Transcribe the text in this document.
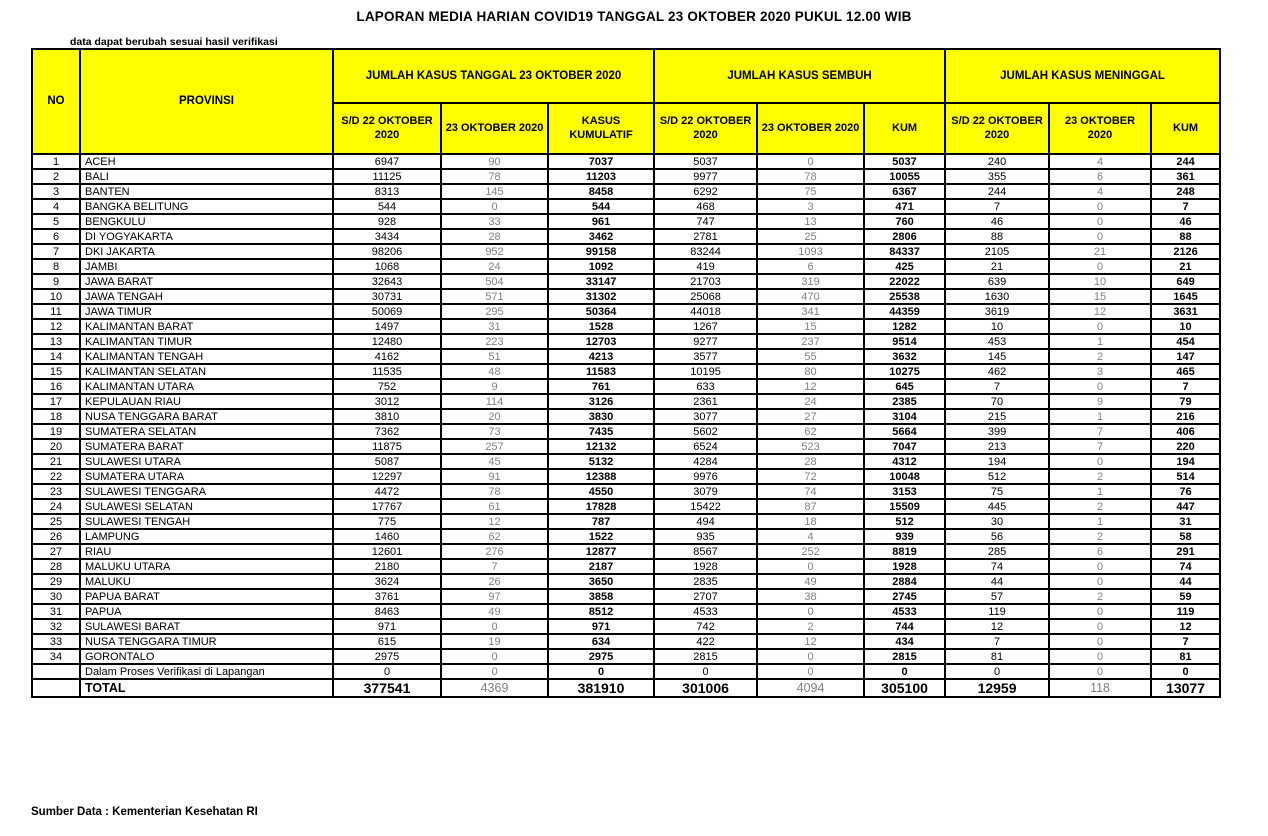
LAPORAN MEDIA HARIAN COVID19 TANGGAL 23 OKTOBER 2020 PUKUL 12.00 WIB
data dapat berubah sesuai hasil verifikasi
NO	PROVINSI	JUMLAH KASUS TANGGAL 23 OKTOBER 2020			JUMLAH KASUS SEMBUH			JUMLAH KASUS MENINGGAL		
		S/D 22 OKTOBER 2020	23 OKTOBER 2020	KASUS KUMULATIF	S/D 22 OKTOBER 2020	23 OKTOBER 2020	KUM	S/D 22 OKTOBER 2020	23 OKTOBER 2020	KUM
1	ACEH	6947	90	7037	5037	0	5037	240	4	244
2	BALI	11125	78	11203	9977	78	10055	355	6	361
3	BANTEN	8313	145	8458	6292	75	6367	244	4	248
4	BANGKA BELITUNG	544	0	544	468	3	471	7	0	7
5	BENGKULU	928	33	961	747	13	760	46	0	46
6	DI YOGYAKARTA	3434	28	3462	2781	25	2806	88	0	88
7	DKI JAKARTA	98206	952	99158	83244	1093	84337	2105	21	2126
8	JAMBI	1068	24	1092	419	6	425	21	0	21
9	JAWA BARAT	32643	504	33147	21703	319	22022	639	10	649
10	JAWA TENGAH	30731	571	31302	25068	470	25538	1630	15	1645
11	JAWA TIMUR	50069	295	50364	44018	341	44359	3619	12	3631
12	KALIMANTAN BARAT	1497	31	1528	1267	15	1282	10	0	10
13	KALIMANTAN TIMUR	12480	223	12703	9277	237	9514	453	1	454
14	KALIMANTAN TENGAH	4162	51	4213	3577	55	3632	145	2	147
15	KALIMANTAN SELATAN	11535	48	11583	10195	80	10275	462	3	465
16	KALIMANTAN UTARA	752	9	761	633	12	645	7	0	7
17	KEPULAUAN RIAU	3012	114	3126	2361	24	2385	70	9	79
18	NUSA TENGGARA BARAT	3810	20	3830	3077	27	3104	215	1	216
19	SUMATERA SELATAN	7362	73	7435	5602	62	5664	399	7	406
20	SUMATERA BARAT	11875	257	12132	6524	523	7047	213	7	220
21	SULAWESI UTARA	5087	45	5132	4284	28	4312	194	0	194
22	SUMATERA UTARA	12297	91	12388	9976	72	10048	512	2	514
23	SULAWESI TENGGARA	4472	78	4550	3079	74	3153	75	1	76
24	SULAWESI SELATAN	17767	61	17828	15422	87	15509	445	2	447
25	SULAWESI TENGAH	775	12	787	494	18	512	30	1	31
26	LAMPUNG	1460	62	1522	935	4	939	56	2	58
27	RIAU	12601	276	12877	8567	252	8819	285	6	291
28	MALUKU UTARA	2180	7	2187	1928	0	1928	74	0	74
29	MALUKU	3624	26	3650	2835	49	2884	44	0	44
30	PAPUA BARAT	3761	97	3858	2707	38	2745	57	2	59
31	PAPUA	8463	49	8512	4533	0	4533	119	0	119
32	SULAWESI BARAT	971	0	971	742	2	744	12	0	12
33	NUSA TENGGARA TIMUR	615	19	634	422	12	434	7	0	7
34	GORONTALO	2975	0	2975	2815	0	2815	81	0	81
	Dalam Proses Verifikasi di Lapangan	0	0	0	0	0	0	0	0	0
	TOTAL	377541	4369	381910	301006	4094	305100	12959	118	13077
Sumber Data : Kementerian Kesehatan RI
